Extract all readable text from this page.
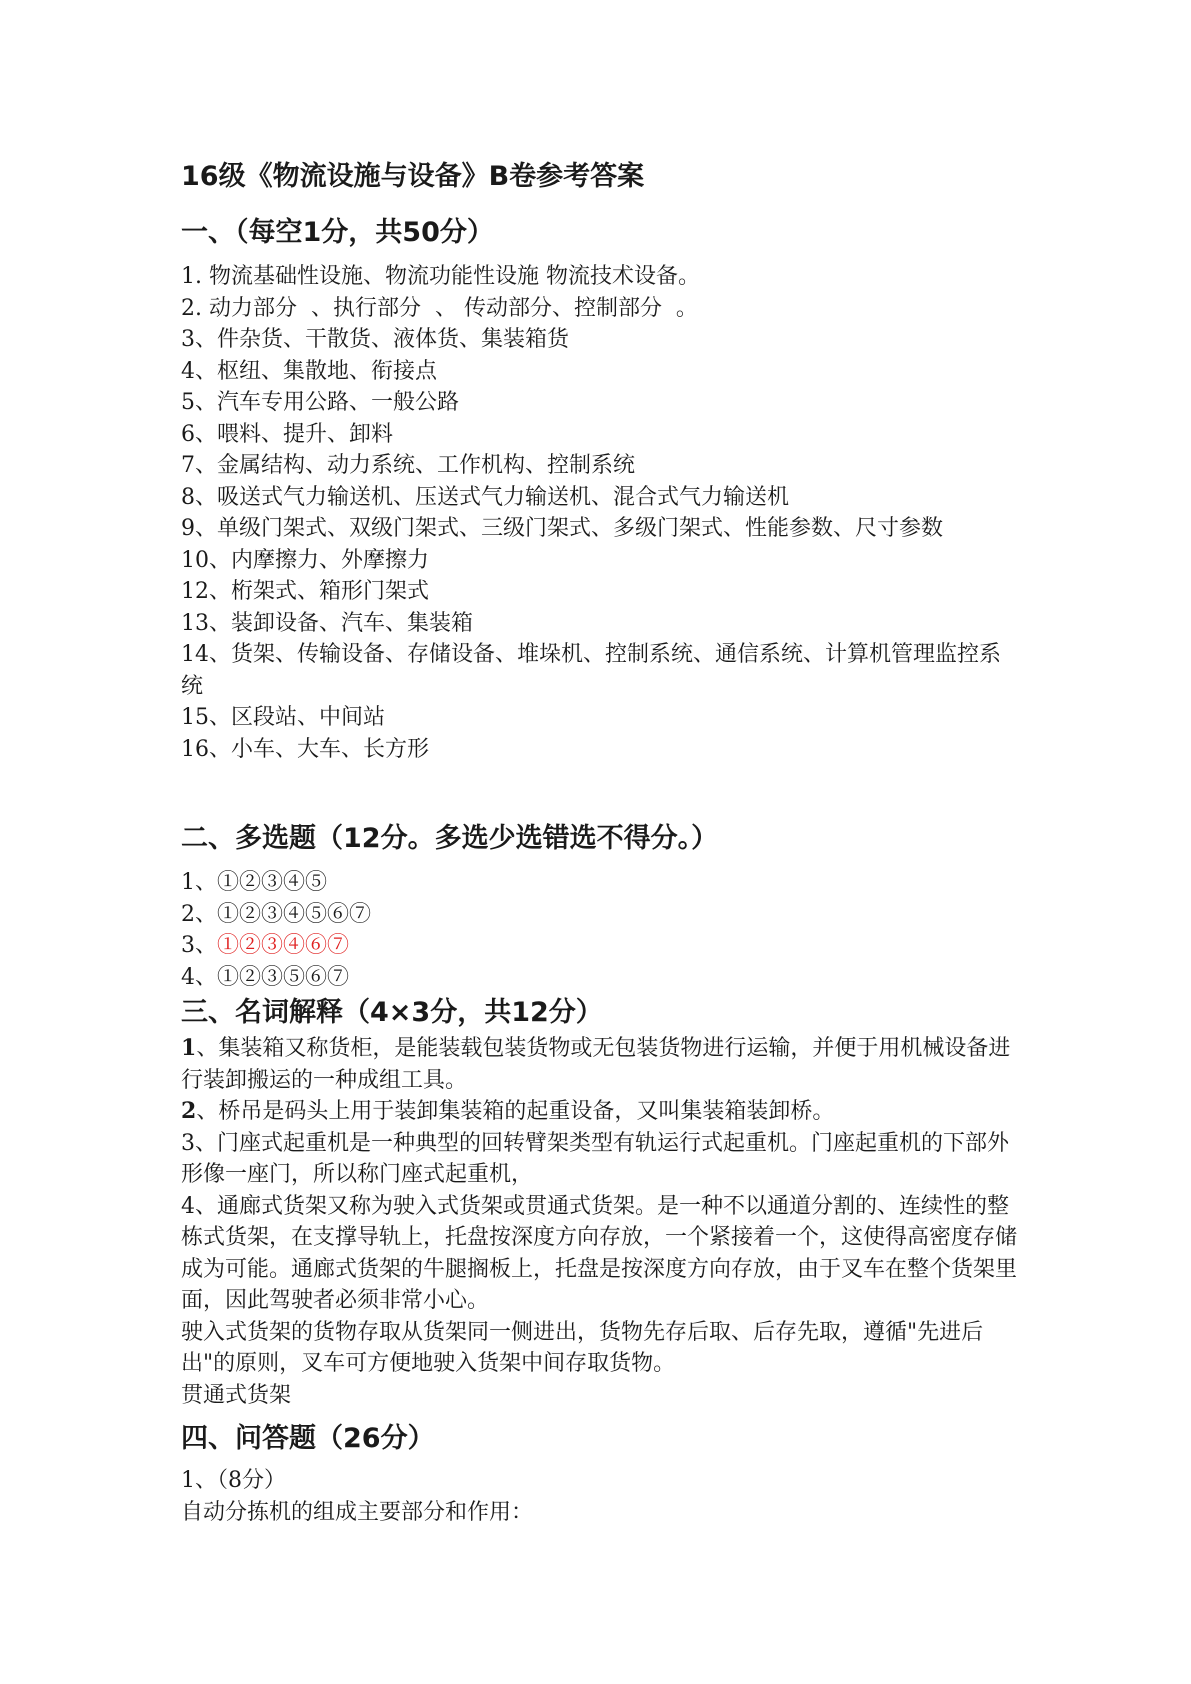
16级《物流设施与设备》B卷参考答案
一、（每空1分，共50分）
1. 物流基础性设施、物流功能性设施 物流技术设备。
2. 动力部分  、执行部分  、 传动部分、控制部分  。
3、件杂货、干散货、液体货、集装箱货
4、枢纽、集散地、衔接点
5、汽车专用公路、一般公路
6、喂料、提升、卸料
7、金属结构、动力系统、工作机构、控制系统
8、吸送式气力输送机、压送式气力输送机、混合式气力输送机
9、单级门架式、双级门架式、三级门架式、多级门架式、性能参数、尺寸参数
10、内摩擦力、外摩擦力
12、桁架式、箱形门架式
13、装卸设备、汽车、集装箱
14、货架、传输设备、存储设备、堆垛机、控制系统、通信系统、计算机管理监控系统
15、区段站、中间站
16、小车、大车、长方形
二、多选题（12分。多选少选错选不得分。）
1、①②③④⑤
2、①②③④⑤⑥⑦
3、①②③④⑥⑦
4、①②③⑤⑥⑦
三、名词解释（4×3分，共12分）

1、集装箱又称货柜，是能装载包装货物或无包装货物进行运输，并便于用机械设备进行装卸搬运的一种成组工具。

2、桥吊是码头上用于装卸集装箱的起重设备，又叫集装箱装卸桥。

3、门座式起重机是一种典型的回转臂架类型有轨运行式起重机。门座起重机的下部外形像一座门，所以称门座式起重机，

4、通廊式货架又称为驶入式货架或贯通式货架。是一种不以通道分割的、连续性的整栋式货架，在支撑导轨上，托盘按深度方向存放，一个紧接着一个，这使得高密度存储成为可能。通廊式货架的牛腿搁板上，托盘是按深度方向存放，由于叉车在整个货架里面，因此驾驶者必须非常小心。

驶入式货架的货物存取从货架同一侧进出，货物先存后取、后存先取，遵循"先进后出"的原则，叉车可方便地驶入货架中间存取货物。

贯通式货架

四、问答题（26分）

1、（8分）

自动分拣机的组成主要部分和作用：
